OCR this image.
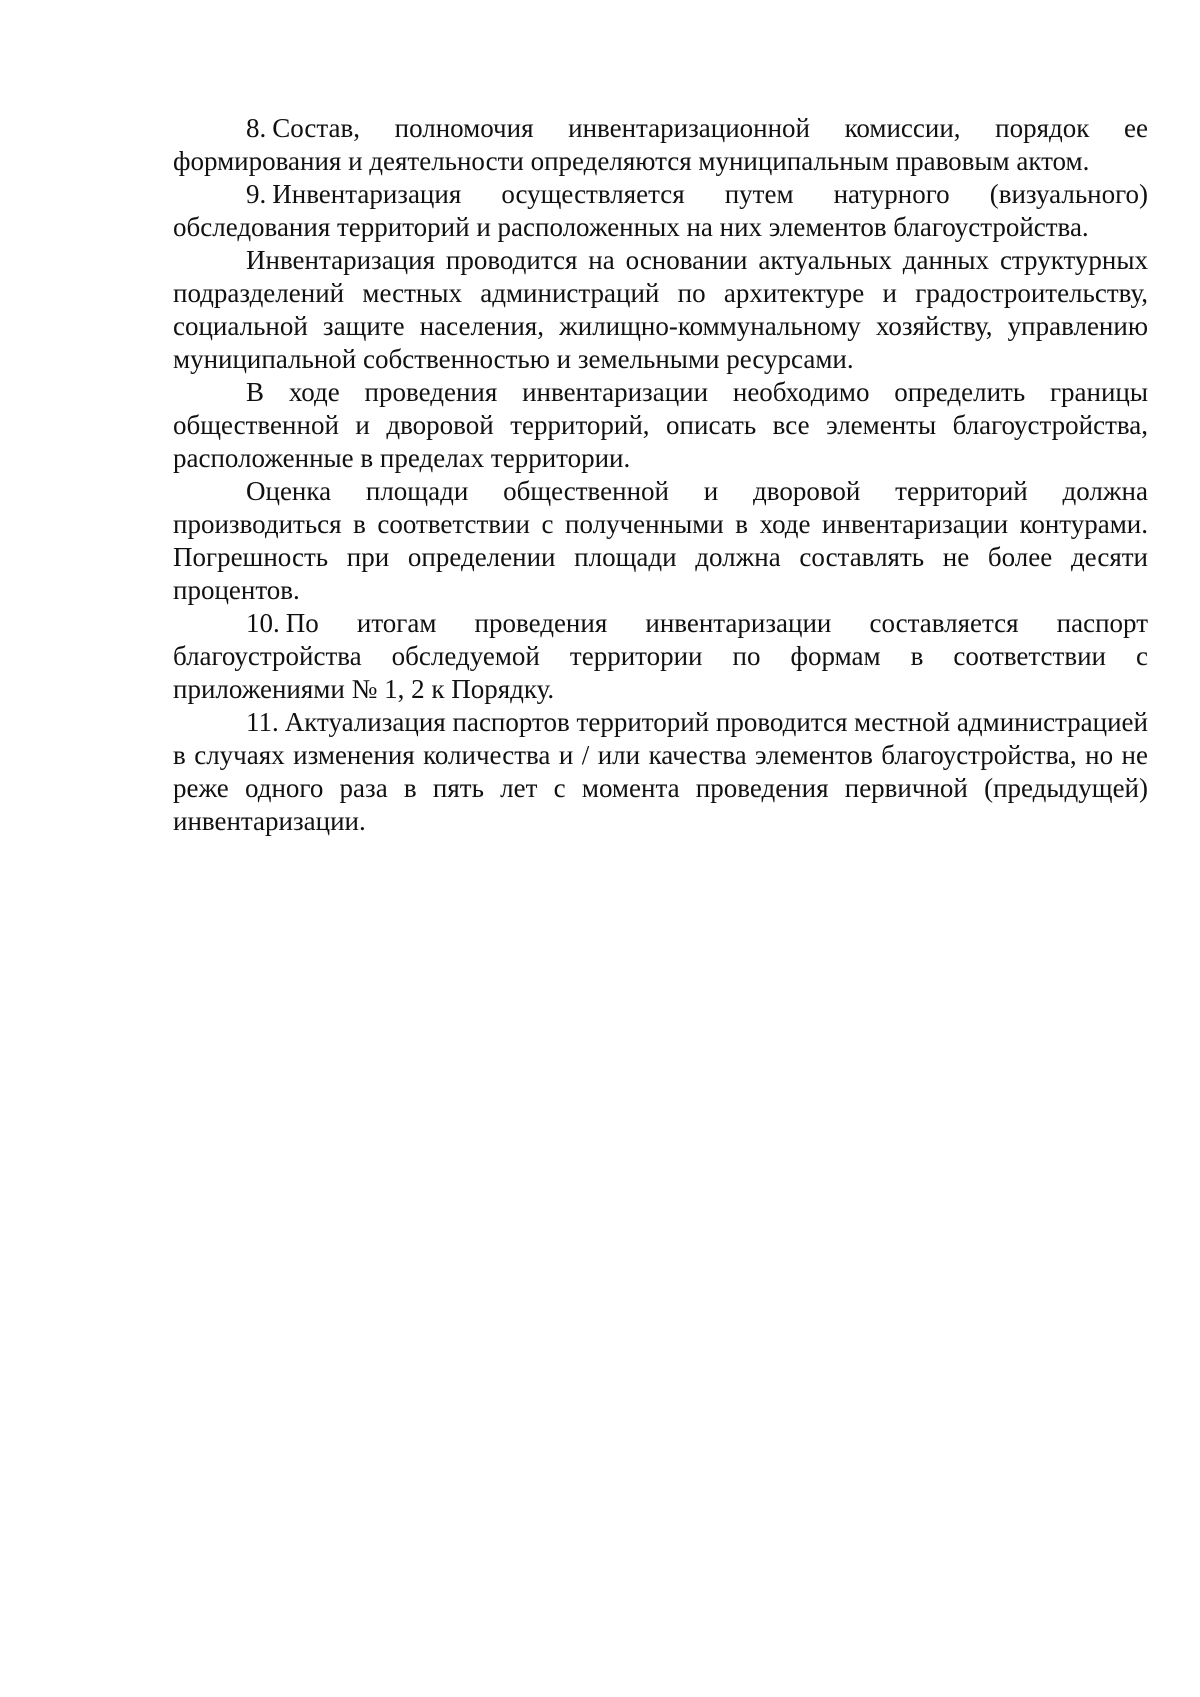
8. Состав, полномочия инвентаризационной комиссии, порядок ее формирования и деятельности определяются муниципальным правовым актом.

9. Инвентаризация осуществляется путем натурного (визуального) обследования территорий и расположенных на них элементов благоустройства.

Инвентаризация проводится на основании актуальных данных структурных подразделений местных администраций по архитектуре и градостроительству, социальной защите населения, жилищно-коммунальному хозяйству, управлению муниципальной собственностью и земельными ресурсами.

В ходе проведения инвентаризации необходимо определить границы общественной и дворовой территорий, описать все элементы благоустройства, расположенные в пределах территории.

Оценка площади общественной и дворовой территорий должна производиться в соответствии с полученными в ходе инвентаризации контурами. Погрешность при определении площади должна составлять не более десяти процентов.

10. По итогам проведения инвентаризации составляется паспорт благоустройства обследуемой территории по формам в соответствии с приложениями № 1, 2 к Порядку.

11. Актуализация паспортов территорий проводится местной администрацией в случаях изменения количества и / или качества элементов благоустройства, но не реже одного раза в пять лет с момента проведения первичной (предыдущей) инвентаризации.
